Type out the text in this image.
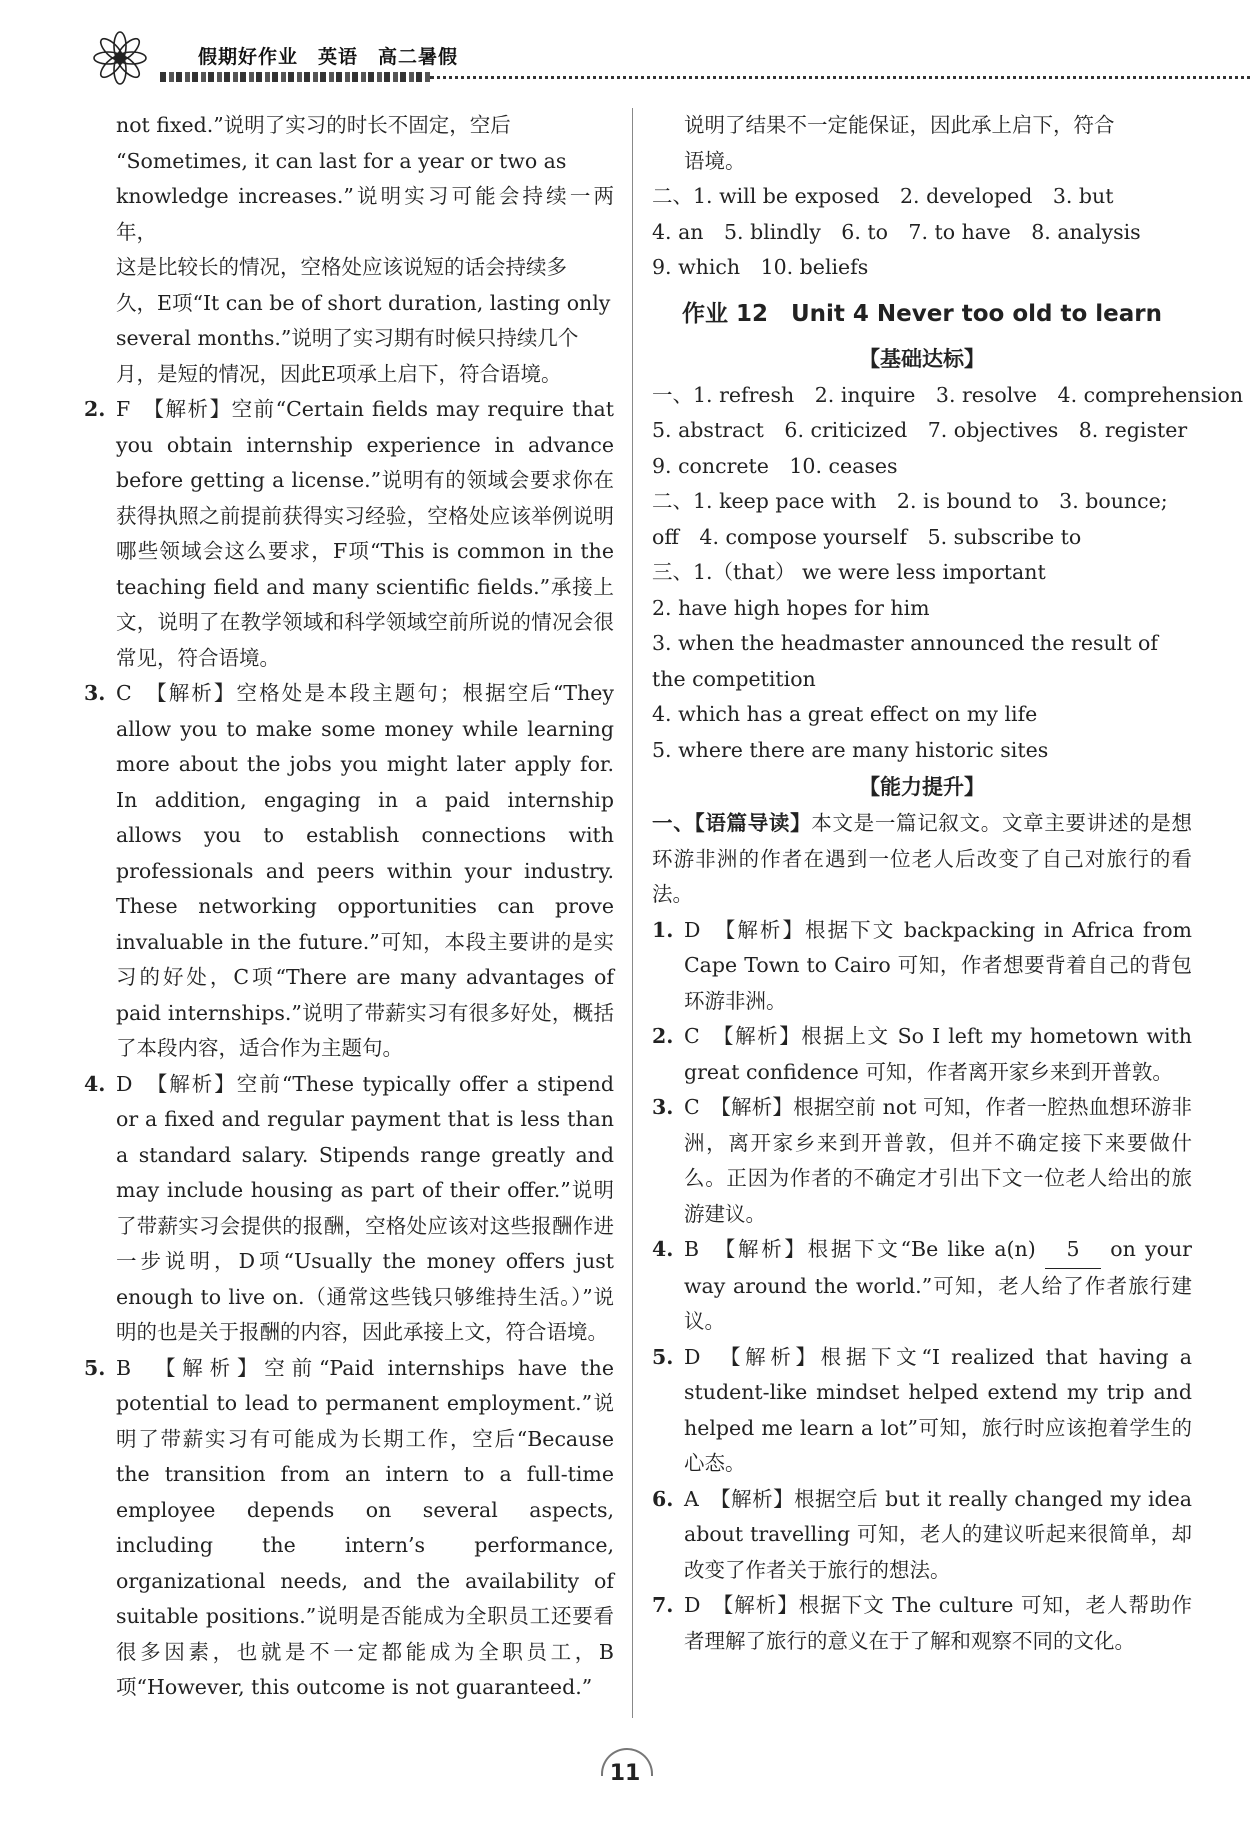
假期好作业　英语　高二暑假
not fixed.”说明了实习的时长不固定，空后
“Sometimes, it can last for a year or two as
knowledge increases.”说明实习可能会持续一两年，
这是比较长的情况，空格处应该说短的话会持续多
久，E项“It can be of short duration, lasting only
several months.”说明了实习期有时候只持续几个
月，是短的情况，因此E项承上启下，符合语境。
2. F　【解析】空前“Certain fields may require that you obtain internship experience in advance before getting a license.”说明有的领域会要求你在获得执照之前提前获得实习经验，空格处应该举例说明哪些领域会这么要求，F项“This is common in the teaching field and many scientific fields.”承接上文，说明了在教学领域和科学领域空前所说的情况会很常见，符合语境。
3. C　【解析】空格处是本段主题句；根据空后“They allow you to make some money while learning more about the jobs you might later apply for. In addition, engaging in a paid internship allows you to establish connections with professionals and peers within your industry. These networking opportunities can prove invaluable in the future.”可知，本段主要讲的是实习的好处，C项“There are many advantages of paid internships.”说明了带薪实习有很多好处，概括了本段内容，适合作为主题句。
4. D　【解析】空前“These typically offer a stipend or a fixed and regular payment that is less than a standard salary. Stipends range greatly and may include housing as part of their offer.”说明了带薪实习会提供的报酬，空格处应该对这些报酬作进一步说明，D项“Usually the money offers just enough to live on.（通常这些钱只够维持生活。）”说明的也是关于报酬的内容，因此承接上文，符合语境。
5. B　【解析】空前“Paid internships have the potential to lead to permanent employment.”说明了带薪实习有可能成为长期工作，空后“Because the transition from an intern to a full-time employee depends on several aspects, including the intern’s performance, organizational needs, and the availability of suitable positions.”说明是否能成为全职员工还要看很多因素，也就是不一定都能成为全职员工，B项“However, this outcome is not guaranteed.”
说明了结果不一定能保证，因此承上启下，符合
语境。
二、1. will be exposed　2. developed　3. but
4. an　5. blindly　6. to　7. to have　8. analysis
9. which　10. beliefs
作业 12　Unit 4 Never too old to learn
【基础达标】
一、1. refresh　2. inquire　3. resolve　4. comprehension
5. abstract　6. criticized　7. objectives　8. register
9. concrete　10. ceases
二、1. keep pace with　2. is bound to　3. bounce;
off　4. compose yourself　5. subscribe to
三、1.（that） we were less important
2. have high hopes for him
3. when the headmaster announced the result of
the competition
4. which has a great effect on my life
5. where there are many historic sites
【能力提升】
一、【语篇导读】本文是一篇记叙文。文章主要讲述的是想环游非洲的作者在遇到一位老人后改变了自己对旅行的看法。
1. D　【解析】根据下文 backpacking in Africa from Cape Town to Cairo 可知，作者想要背着自己的背包环游非洲。
2. C　【解析】根据上文 So I left my hometown with great confidence 可知，作者离开家乡来到开普敦。
3. C　【解析】根据空前 not 可知，作者一腔热血想环游非洲，离开家乡来到开普敦，但并不确定接下来要做什么。正因为作者的不确定才引出下文一位老人给出的旅游建议。
4. B　【解析】根据下文“Be like a(n) 5 on your way around the world.”可知，老人给了作者旅行建议。
5. D　【解析】根据下文“I realized that having a student-like mindset helped extend my trip and helped me learn a lot”可知，旅行时应该抱着学生的心态。
6. A　【解析】根据空后 but it really changed my idea about travelling 可知，老人的建议听起来很简单，却改变了作者关于旅行的想法。
7. D　【解析】根据下文 The culture 可知，老人帮助作者理解了旅行的意义在于了解和观察不同的文化。
11
